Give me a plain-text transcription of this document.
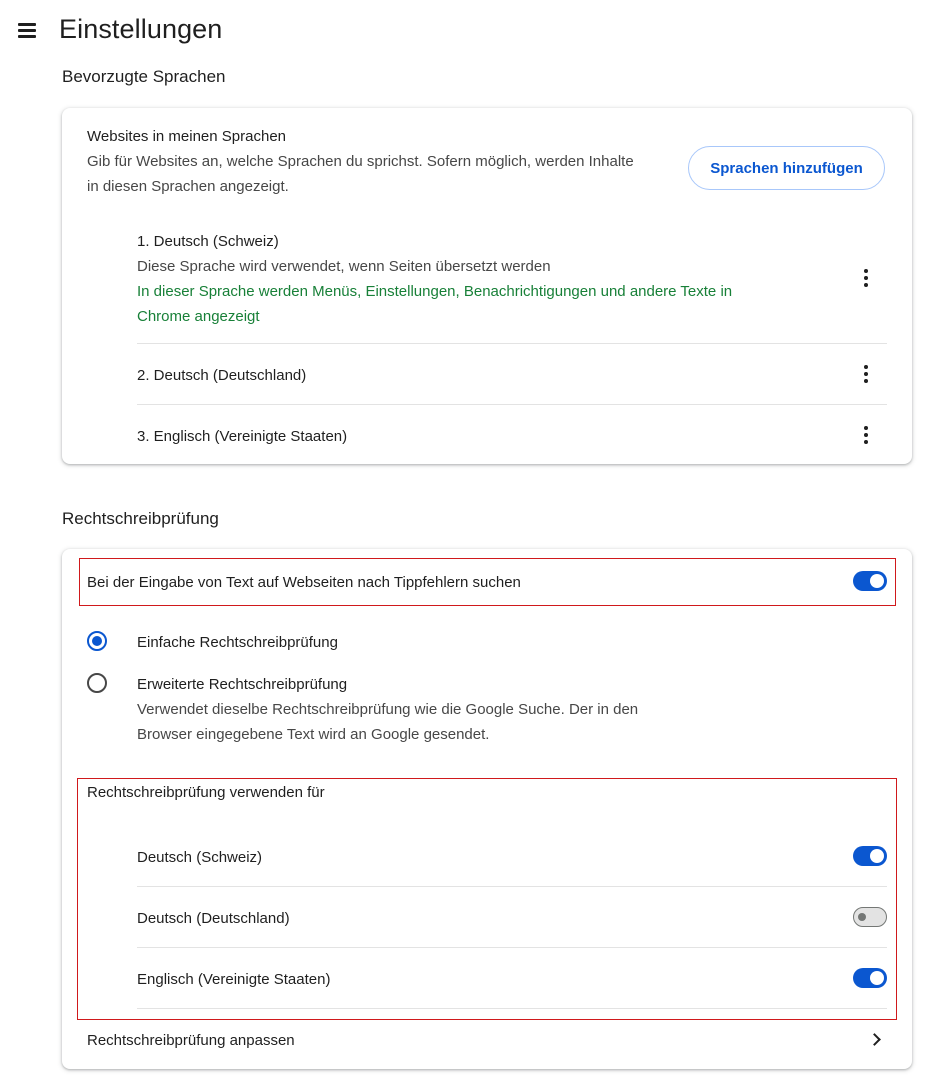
Einstellungen
Bevorzugte Sprachen
Websites in meinen Sprachen
Gib für Websites an, welche Sprachen du sprichst. Sofern möglich, werden Inhalte
in diesen Sprachen angezeigt.
Sprachen hinzufügen
1. Deutsch (Schweiz)
Diese Sprache wird verwendet, wenn Seiten übersetzt werden
In dieser Sprache werden Menüs, Einstellungen, Benachrichtigungen und andere Texte in
Chrome angezeigt
2. Deutsch (Deutschland)
3. Englisch (Vereinigte Staaten)
Rechtschreibprüfung
Bei der Eingabe von Text auf Webseiten nach Tippfehlern suchen
Einfache Rechtschreibprüfung
Erweiterte Rechtschreibprüfung
Verwendet dieselbe Rechtschreibprüfung wie die Google Suche. Der in den
Browser eingegebene Text wird an Google gesendet.
Rechtschreibprüfung verwenden für
Deutsch (Schweiz)
Deutsch (Deutschland)
Englisch (Vereinigte Staaten)
Rechtschreibprüfung anpassen
